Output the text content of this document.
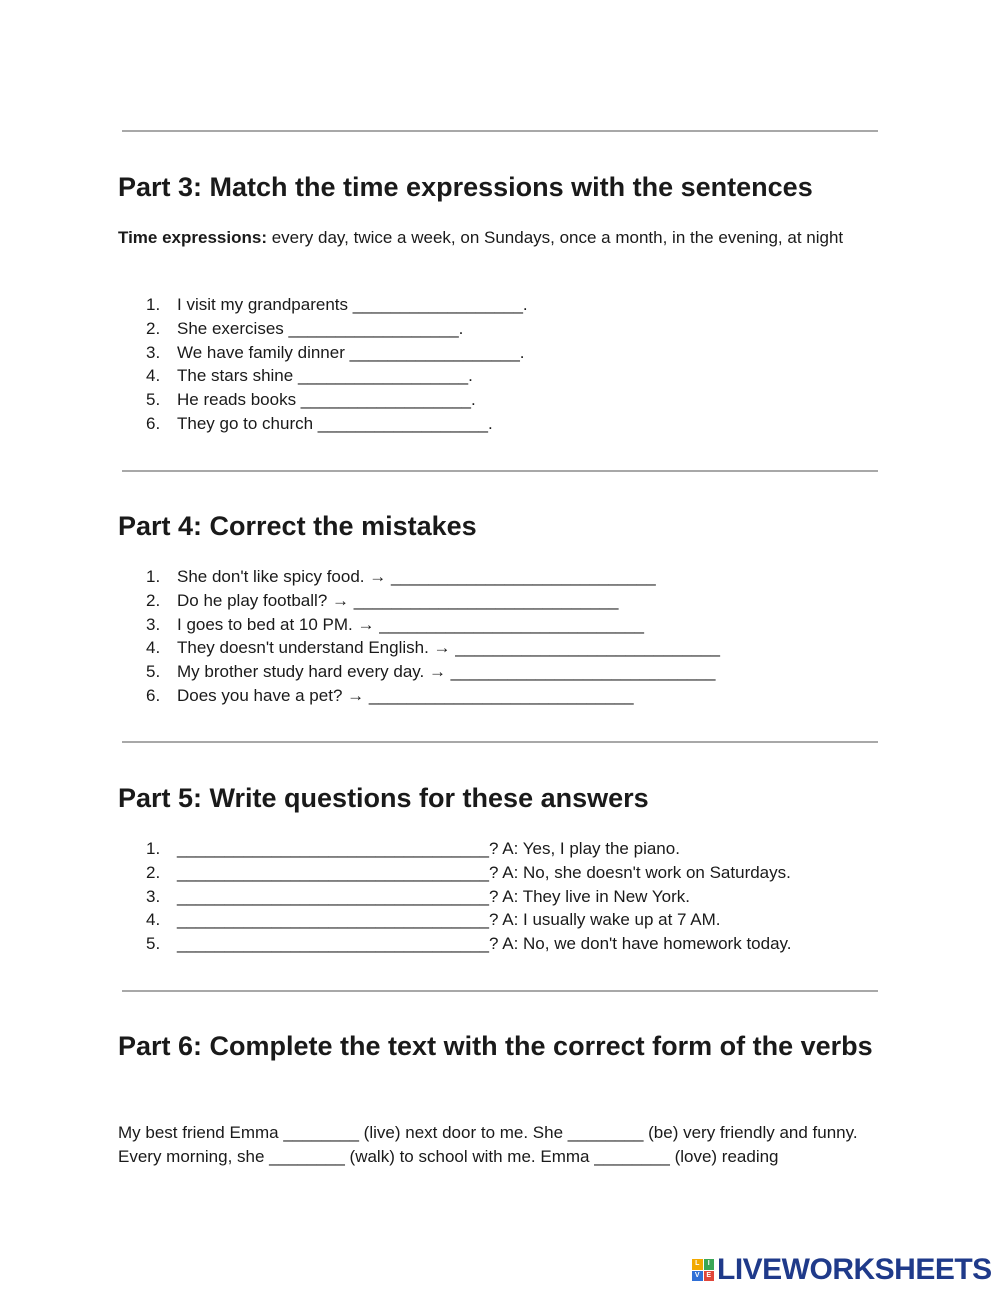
Part 3: Match the time expressions with the sentences
Time expressions: every day, twice a week, on Sundays, once a month, in the evening, at night
1. I visit my grandparents __________________.
2. She exercises __________________.
3. We have family dinner __________________.
4. The stars shine __________________.
5. He reads books __________________.
6. They go to church __________________.
Part 4: Correct the mistakes
1. She don't like spicy food. → ____________________________
2. Do he play football? → ____________________________
3. I goes to bed at 10 PM. → ____________________________
4. They doesn't understand English. → ____________________________
5. My brother study hard every day. → ____________________________
6. Does you have a pet? → ____________________________
Part 5: Write questions for these answers
1. _________________________________? A: Yes, I play the piano.
2. _________________________________? A: No, she doesn't work on Saturdays.
3. _________________________________? A: They live in New York.
4. _________________________________? A: I usually wake up at 7 AM.
5. _________________________________? A: No, we don't have homework today.
Part 6: Complete the text with the correct form of the verbs
My best friend Emma ________ (live) next door to me. She ________ (be) very friendly and funny. Every morning, she ________ (walk) to school with me. Emma ________ (love) reading
L	I
V E LIVEWORKSHEETS
